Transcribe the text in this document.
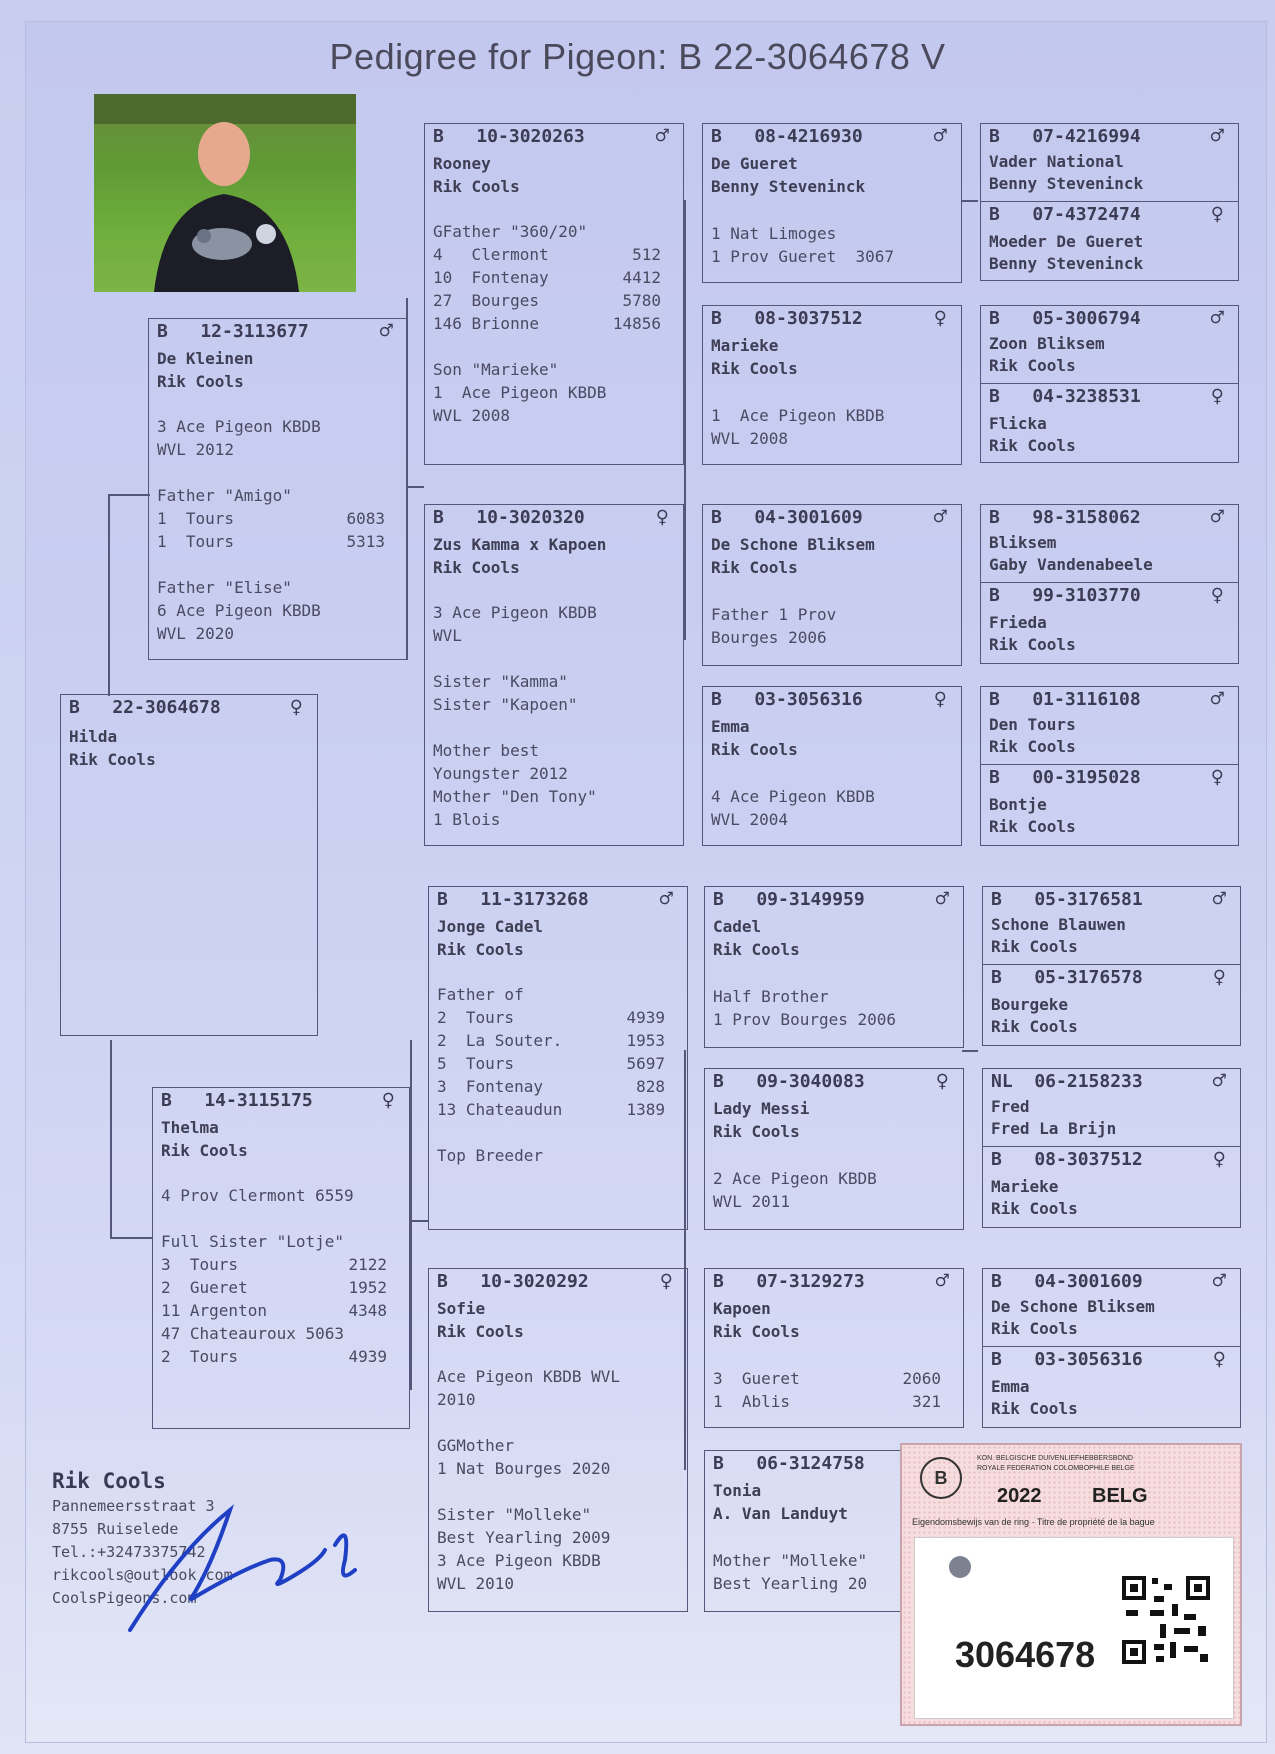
Pedigree for Pigeon: B 22-3064678 V
B   22-3064678	♀
Hilda
Rik Cools
B   12-3113677	♂
De Kleinen
Rik Cools
3 Ace Pigeon KBDB
WVL 2012
Father "Amigo"
1  Tours	6083
1  Tours	5313
Father "Elise"
6 Ace Pigeon KBDB
WVL 2020
B   14-3115175	♀
Thelma
Rik Cools
4 Prov Clermont 6559
Full Sister "Lotje"
3  Tours	2122
2  Gueret	1952
11 Argenton	4348
47 Chateauroux 5063
2  Tours	4939
B   10-3020263	♂
Rooney
Rik Cools
GFather "360/20"
4   Clermont	512
10  Fontenay	4412
27  Bourges	5780
146 Brionne	14856
Son "Marieke"
1  Ace Pigeon KBDB
WVL 2008
B   10-3020320	♀
Zus Kamma x Kapoen
Rik Cools
3 Ace Pigeon KBDB
WVL
Sister "Kamma"
Sister "Kapoen"
Mother best
Youngster 2012
Mother "Den Tony"
1 Blois
B   11-3173268	♂
Jonge Cadel
Rik Cools
Father of
2  Tours	4939
2  La Souter.	1953
5  Tours	5697
3  Fontenay	828
13 Chateaudun	1389
Top Breeder
B   10-3020292	♀
Sofie
Rik Cools
Ace Pigeon KBDB WVL
2010
GGMother
1 Nat Bourges 2020
Sister "Molleke"
Best Yearling 2009
3 Ace Pigeon KBDB
WVL 2010
B   08-4216930	♂
De Gueret
Benny Steveninck
1 Nat Limoges
1 Prov Gueret  3067
B   08-3037512	♀
Marieke
Rik Cools
1  Ace Pigeon KBDB
WVL 2008
B   04-3001609	♂
De Schone Bliksem
Rik Cools
Father 1 Prov
Bourges 2006
B   03-3056316	♀
Emma
Rik Cools
4 Ace Pigeon KBDB
WVL 2004
B   09-3149959	♂
Cadel
Rik Cools
Half Brother
1 Prov Bourges 2006
B   09-3040083	♀
Lady Messi
Rik Cools
2 Ace Pigeon KBDB
WVL 2011
B   07-3129273	♂
Kapoen
Rik Cools
3  Gueret	2060
1  Ablis	321
B   06-3124758
Tonia
A. Van Landuyt
Mother "Molleke"
Best Yearling 20
B   07-4216994	♂
Vader National
Benny Steveninck
B   07-4372474	♀
Moeder De Gueret
Benny Steveninck
B   05-3006794	♂
Zoon Bliksem
Rik Cools
B   04-3238531	♀
Flicka
Rik Cools
B   98-3158062	♂
Bliksem
Gaby Vandenabeele
B   99-3103770	♀
Frieda
Rik Cools
B   01-3116108	♂
Den Tours
Rik Cools
B   00-3195028	♀
Bontje
Rik Cools
B   05-3176581	♂
Schone Blauwen
Rik Cools
B   05-3176578	♀
Bourgeke
Rik Cools
NL  06-2158233	♂
Fred
Fred La Brijn
B   08-3037512	♀
Marieke
Rik Cools
B   04-3001609	♂
De Schone Bliksem
Rik Cools
B   03-3056316	♀
Emma
Rik Cools
Rik Cools
Pannemeersstraat 3
8755 Ruiselede
Tel.:+32473375742
rikcools@outlook.com
CoolsPigeons.com
B
KON. BELGISCHE DUIVENLIEFHEBBERSBOND
ROYALE FEDERATION COLOMBOPHILE BELGE
2022	BELG
Eigendomsbewijs van de ring · Titre de propriété de la bague
3064678
